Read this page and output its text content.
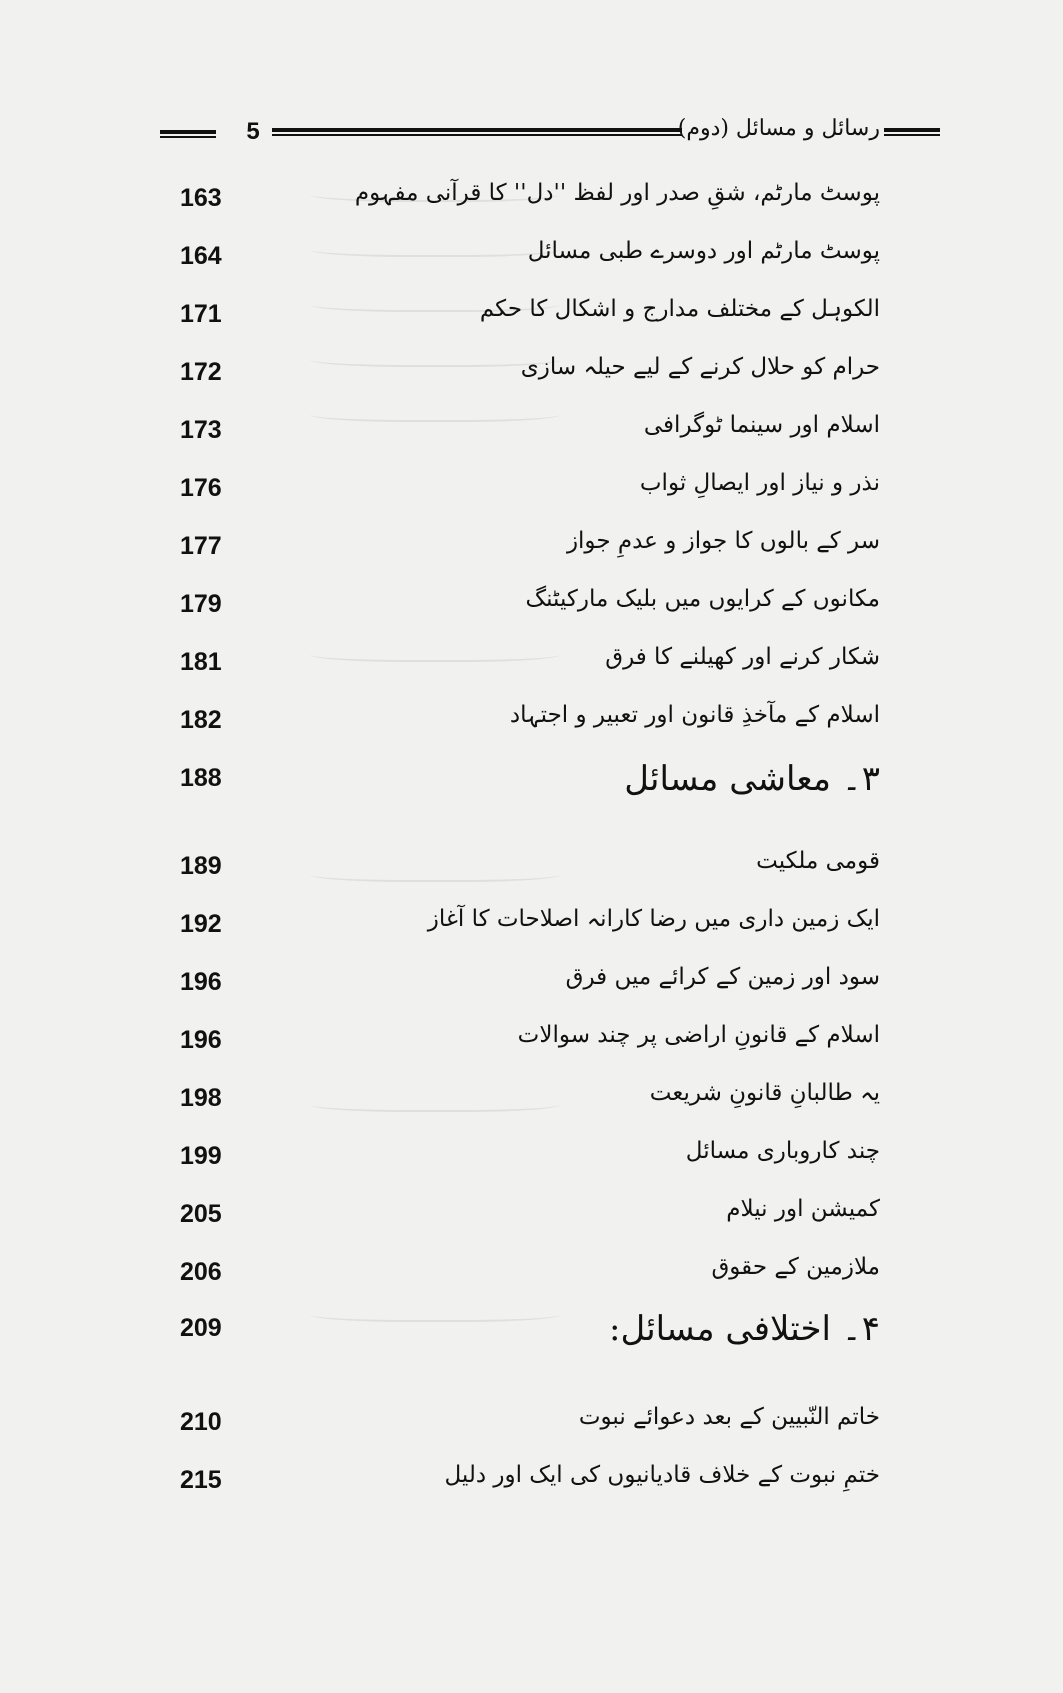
5	رسائل و مسائل (دوم)
163	پوسٹ مارٹم، شقِ صدر اور لفظ ''دل'' کا قرآنی مفہوم
164	پوسٹ مارٹم اور دوسرے طبی مسائل
171	الکوہل کے مختلف مدارج و اشکال کا حکم
172	حرام کو حلال کرنے کے لیے حیلہ سازی
173	اسلام اور سینما ٹوگرافی
176	نذر و نیاز اور ایصالِ ثواب
177	سر کے بالوں کا جواز و عدمِ جواز
179	مکانوں کے کرایوں میں بلیک مارکیٹنگ
181	شکار کرنے اور کھیلنے کا فرق
182	اسلام کے مآخذِ قانون اور تعبیر و اجتہاد
188	۳۔ معاشی مسائل
189	قومی ملکیت
192	ایک زمین داری میں رضا کارانہ اصلاحات کا آغاز
196	سود اور زمین کے کرائے میں فرق
196	اسلام کے قانونِ اراضی پر چند سوالات
198	یہ طالبانِ قانونِ شریعت
199	چند کاروباری مسائل
205	کمیشن اور نیلام
206	ملازمین کے حقوق
209	۴۔ اختلافی مسائل:
210	خاتم النّبیین کے بعد دعوائے نبوت
215	ختمِ نبوت کے خلاف قادیانیوں کی ایک اور دلیل
